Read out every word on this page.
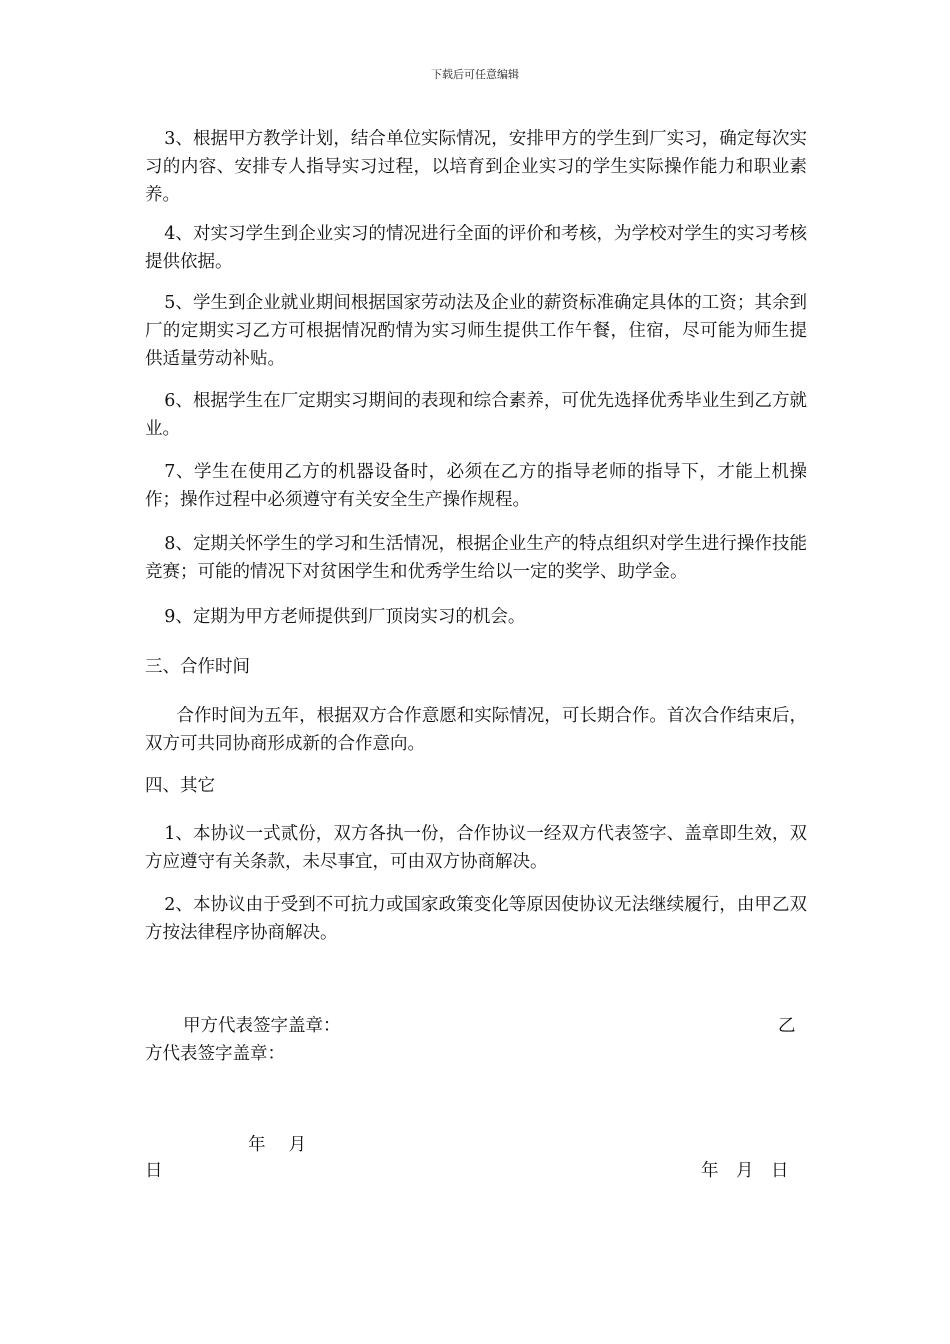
下载后可任意编辑

3、根据甲方教学计划，结合单位实际情况，安排甲方的学生到厂实习，确定每次实习的内容、安排专人指导实习过程，以培育到企业实习的学生实际操作能力和职业素养。

4、对实习学生到企业实习的情况进行全面的评价和考核，为学校对学生的实习考核提供依据。

5、学生到企业就业期间根据国家劳动法及企业的薪资标准确定具体的工资；其余到厂的定期实习乙方可根据情况酌情为实习师生提供工作午餐，住宿，尽可能为师生提供适量劳动补贴。

6、根据学生在厂定期实习期间的表现和综合素养，可优先选择优秀毕业生到乙方就业。

7、学生在使用乙方的机器设备时，必须在乙方的指导老师的指导下，才能上机操作；操作过程中必须遵守有关安全生产操作规程。

8、定期关怀学生的学习和生活情况，根据企业生产的特点组织对学生进行操作技能竞赛；可能的情况下对贫困学生和优秀学生给以一定的奖学、助学金。

9、定期为甲方老师提供到厂顶岗实习的机会。

三、合作时间

合作时间为五年，根据双方合作意愿和实际情况，可长期合作。首次合作结束后，双方可共同协商形成新的合作意向。

四、其它

1、本协议一式贰份，双方各执一份，合作协议一经双方代表签字、盖章即生效，双方应遵守有关条款，未尽事宜，可由双方协商解决。

2、本协议由于受到不可抗力或国家政策变化等原因使协议无法继续履行，由甲乙双方按法律程序协商解决。

甲方代表签字盖章：	乙

方代表签字盖章：

年　 月

日	年　月　日
